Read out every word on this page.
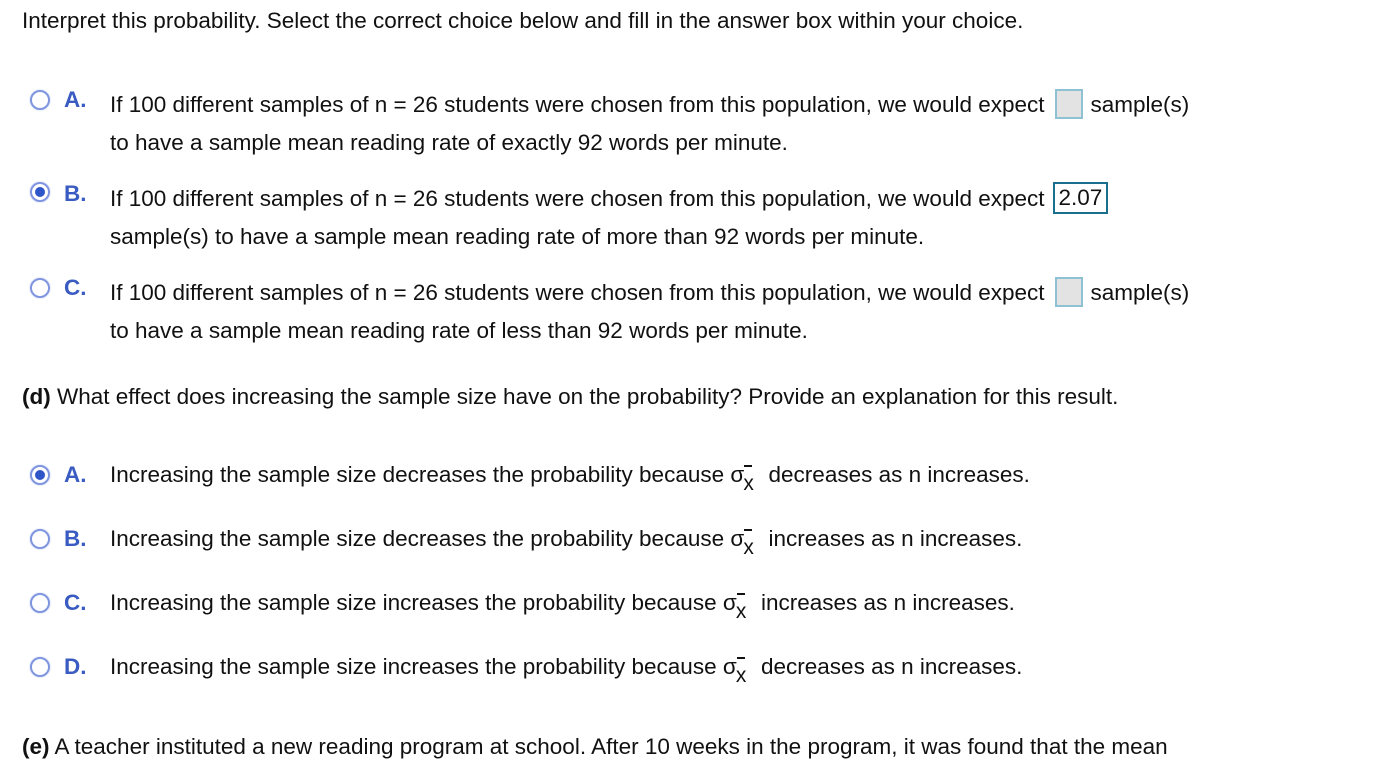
Interpret this probability. Select the correct choice below and fill in the answer box within your choice.
A. If 100 different samples of n = 26 students were chosen from this population, we would expect sample(s)
to have a sample mean reading rate of exactly 92 words per minute.
B. If 100 different samples of n = 26 students were chosen from this population, we would expect 2.07
sample(s) to have a sample mean reading rate of more than 92 words per minute.
C. If 100 different samples of n = 26 students were chosen from this population, we would expect sample(s)
to have a sample mean reading rate of less than 92 words per minute.
(d) What effect does increasing the sample size have on the probability? Provide an explanation for this result.
A. Increasing the sample size decreases the probability because σ x decreases as n increases.
B. Increasing the sample size decreases the probability because σ x increases as n increases.
C. Increasing the sample size increases the probability because σ x increases as n increases.
D. Increasing the sample size increases the probability because σ x decreases as n increases.
(e) A teacher instituted a new reading program at school. After 10 weeks in the program, it was found that the mean
